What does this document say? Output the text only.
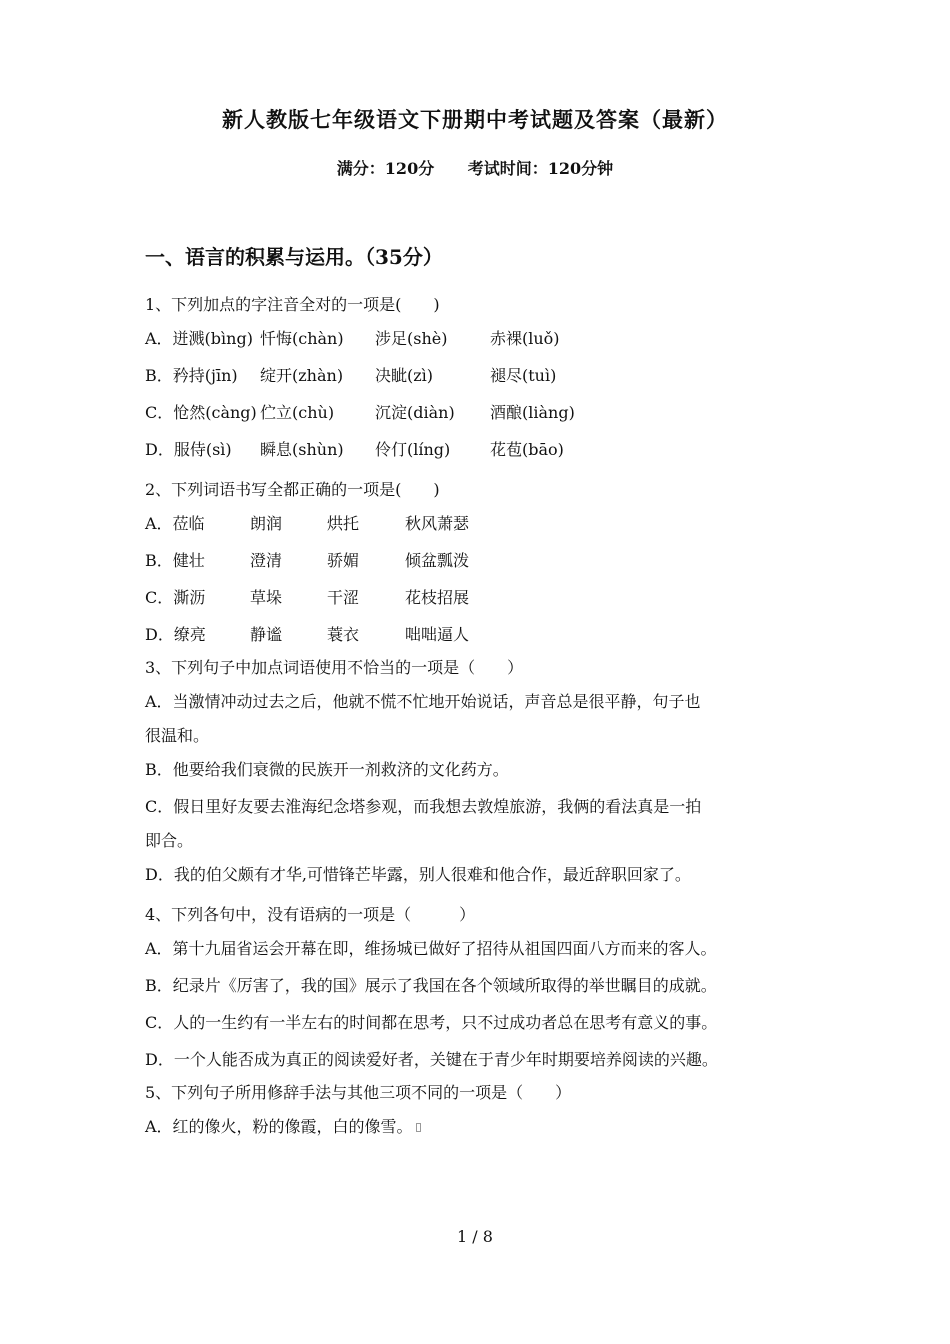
新人教版七年级语文下册期中考试题及答案（最新）
满分：120分 考试时间：120分钟
一、语言的积累与运用。（35分）
1、下列加点的字注音全对的一项是(　　)
A．迸溅(bìng) 忏悔(chàn) 涉足(shè)	赤裸(luǒ)
B．矜持(jīn) 绽开(zhàn) 决眦(zì)	褪尽(tuì)
C．怆然(càng) 伫立(chù)	沉淀(diàn) 酒酿(liàng)
D．服侍(sì) 瞬息(shùn) 伶仃(líng) 花苞(bāo)
2、下列词语书写全都正确的一项是(　　)
A．莅临	朗润	烘托	秋风萧瑟
B．健壮	澄清	骄媚	倾盆瓢泼
C．澌沥	草垛	干涩	花枝招展
D．缭亮	静谧	蓑衣	咄咄逼人
3、下列句子中加点词语使用不恰当的一项是（　　）
A．当激情冲动过去之后，他就不慌不忙地开始说话，声音总是很平静，句子也
很温和。
B．他要给我们衰微的民族开一剂救济的文化药方。
C．假日里好友要去淮海纪念塔参观，而我想去敦煌旅游，我俩的看法真是一拍
即合。
D．我的伯父颇有才华,可惜锋芒毕露，别人很难和他合作，最近辞职回家了。
4、下列各句中，没有语病的一项是（　　　）
A．第十九届省运会开幕在即，维扬城已做好了招待从祖国四面八方而来的客人。
B．纪录片《厉害了，我的国》展示了我国在各个领域所取得的举世瞩目的成就。
C．人的一生约有一半左右的时间都在思考，只不过成功者总在思考有意义的事。
D．一个人能否成为真正的阅读爱好者，关键在于青少年时期要培养阅读的兴趣。
5、下列句子所用修辞手法与其他三项不同的一项是（　　）
A．红的像火，粉的像霞，白的像雪。
1 / 8
